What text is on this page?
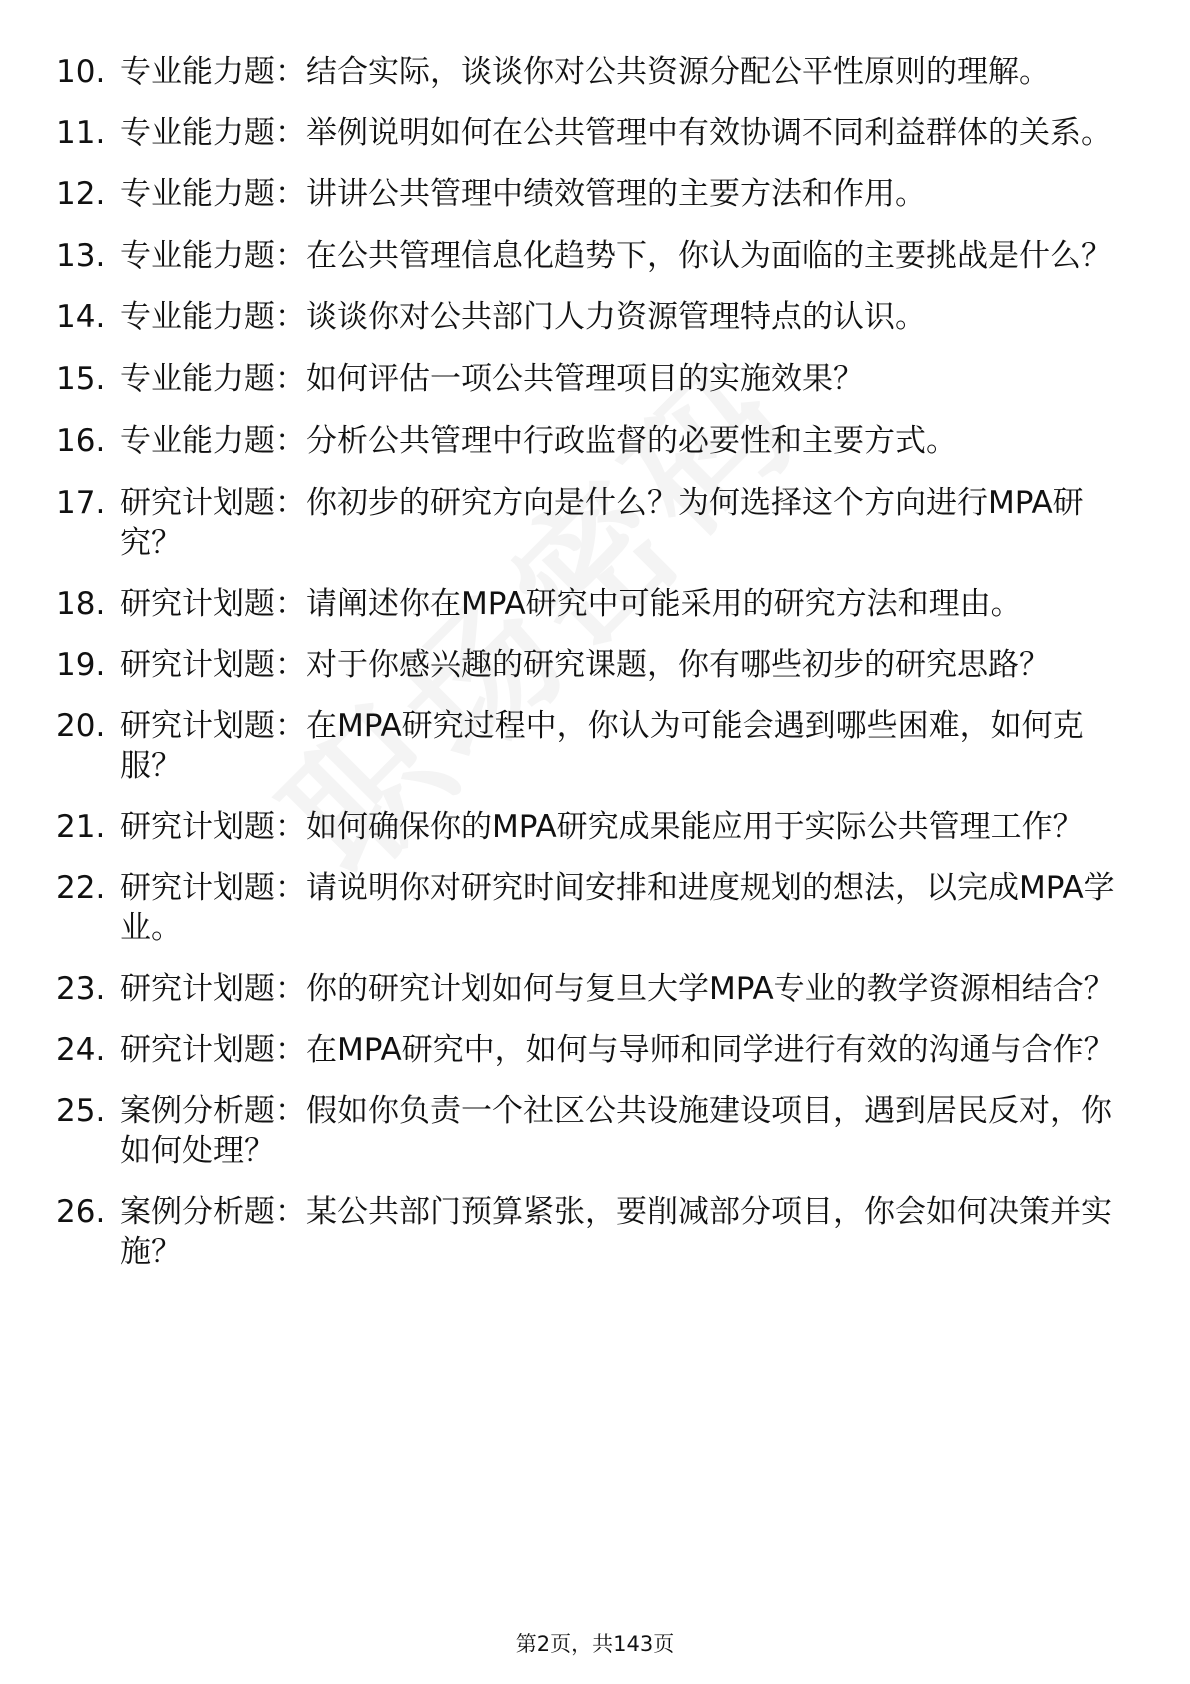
10. 专业能力题：结合实际，谈谈你对公共资源分配公平性原则的理解。
11. 专业能力题：举例说明如何在公共管理中有效协调不同利益群体的关系。
12. 专业能力题：讲讲公共管理中绩效管理的主要方法和作用。
13. 专业能力题：在公共管理信息化趋势下，你认为面临的主要挑战是什么？
14. 专业能力题：谈谈你对公共部门人力资源管理特点的认识。
15. 专业能力题：如何评估一项公共管理项目的实施效果？
16. 专业能力题：分析公共管理中行政监督的必要性和主要方式。
17. 研究计划题：你初步的研究方向是什么？为何选择这个方向进行MPA研究？
18. 研究计划题：请阐述你在MPA研究中可能采用的研究方法和理由。
19. 研究计划题：对于你感兴趣的研究课题，你有哪些初步的研究思路？
20. 研究计划题：在MPA研究过程中，你认为可能会遇到哪些困难，如何克服？
21. 研究计划题：如何确保你的MPA研究成果能应用于实际公共管理工作？
22. 研究计划题：请说明你对研究时间安排和进度规划的想法，以完成MPA学业。
23. 研究计划题：你的研究计划如何与复旦大学MPA专业的教学资源相结合？
24. 研究计划题：在MPA研究中，如何与导师和同学进行有效的沟通与合作？
25. 案例分析题：假如你负责一个社区公共设施建设项目，遇到居民反对，你如何处理？
26. 案例分析题：某公共部门预算紧张，要削减部分项目，你会如何决策并实施？
第2页，共143页
